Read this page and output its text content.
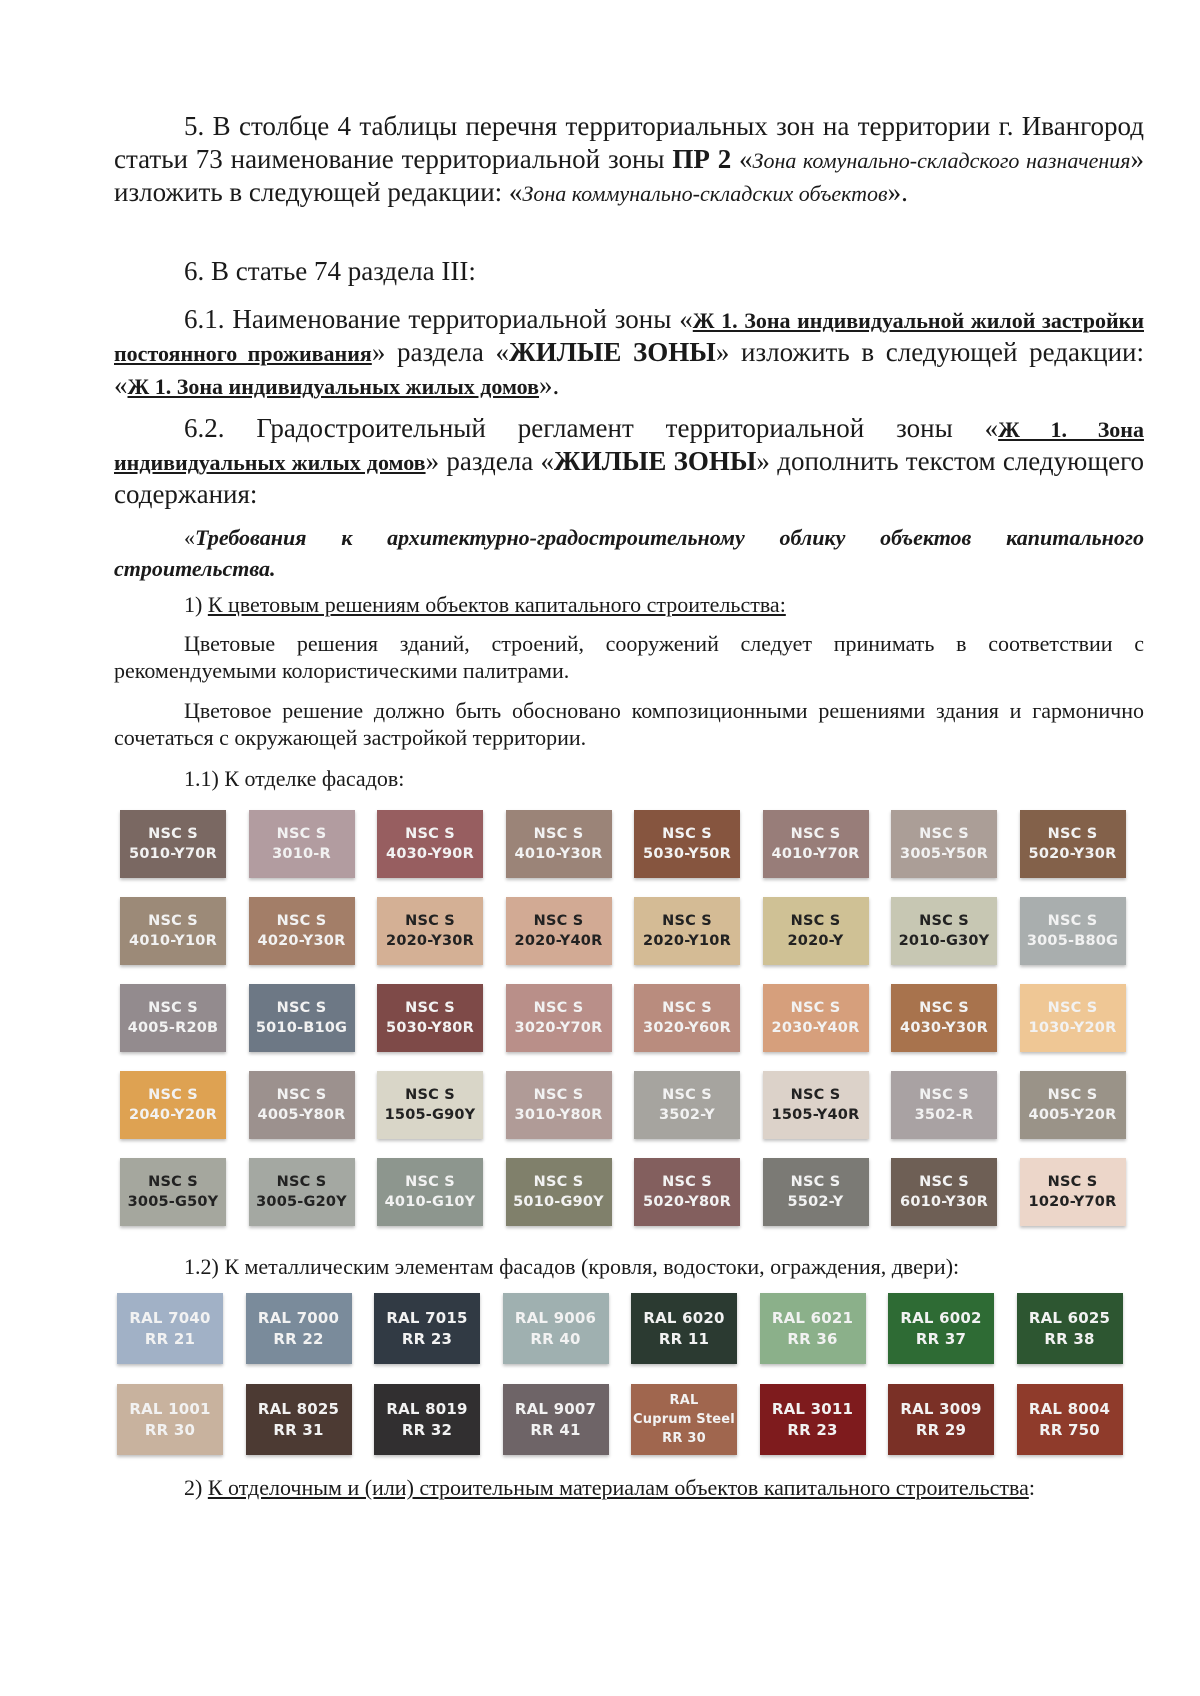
5. В столбце 4 таблицы перечня территориальных зон на территории г. Ивангород статьи 73 наименование территориальной зоны ПР 2 «Зона комунально-складского назначения» изложить в следующей редакции: «Зона коммунально-складских объектов».

6. В статье 74 раздела III:

6.1. Наименование территориальной зоны «Ж 1. Зона индивидуальной жилой застройки постоянного проживания» раздела «ЖИЛЫЕ ЗОНЫ» изложить в следующей редакции: «Ж 1. Зона индивидуальных жилых домов».

6.2. Градостроительный регламент территориальной зоны «Ж 1. Зона индивидуальных жилых домов» раздела «ЖИЛЫЕ ЗОНЫ» дополнить текстом следующего содержания:

«Требования к архитектурно-градостроительному облику объектов капитального строительства.

1) К цветовым решениям объектов капитального строительства:

Цветовые решения зданий, строений, сооружений следует принимать в соответствии с рекомендуемыми колористическими палитрами.

Цветовое решение должно быть обосновано композиционными решениями здания и гармонично сочетаться с окружающей застройкой территории.

1.1) К отделке фасадов:

NSC S
5010-Y70R
NSC S
3010-R
NSC S
4030-Y90R
NSC S
4010-Y30R
NSC S
5030-Y50R
NSC S
4010-Y70R
NSC S
3005-Y50R
NSC S
5020-Y30R
NSC S
4010-Y10R
NSC S
4020-Y30R
NSC S
2020-Y30R
NSC S
2020-Y40R
NSC S
2020-Y10R
NSC S
2020-Y
NSC S
2010-G30Y
NSC S
3005-B80G
NSC S
4005-R20B
NSC S
5010-B10G
NSC S
5030-Y80R
NSC S
3020-Y70R
NSC S
3020-Y60R
NSC S
2030-Y40R
NSC S
4030-Y30R
NSC S
1030-Y20R
NSC S
2040-Y20R
NSC S
4005-Y80R
NSC S
1505-G90Y
NSC S
3010-Y80R
NSC S
3502-Y
NSC S
1505-Y40R
NSC S
3502-R
NSC S
4005-Y20R
NSC S
3005-G50Y
NSC S
3005-G20Y
NSC S
4010-G10Y
NSC S
5010-G90Y
NSC S
5020-Y80R
NSC S
5502-Y
NSC S
6010-Y30R
NSC S
1020-Y70R

1.2) К металлическим элементам фасадов (кровля, водостоки, ограждения, двери):

RAL 7040
RR 21
RAL 7000
RR 22
RAL 7015
RR 23
RAL 9006
RR 40
RAL 6020
RR 11
RAL 6021
RR 36
RAL 6002
RR 37
RAL 6025
RR 38
RAL 1001
RR 30
RAL 8025
RR 31
RAL 8019
RR 32
RAL 9007
RR 41
RAL
Cuprum Steel
RR 30
RAL 3011
RR 23
RAL 3009
RR 29
RAL 8004
RR 750

2) К отделочным и (или) строительным материалам объектов капитального строительства:
